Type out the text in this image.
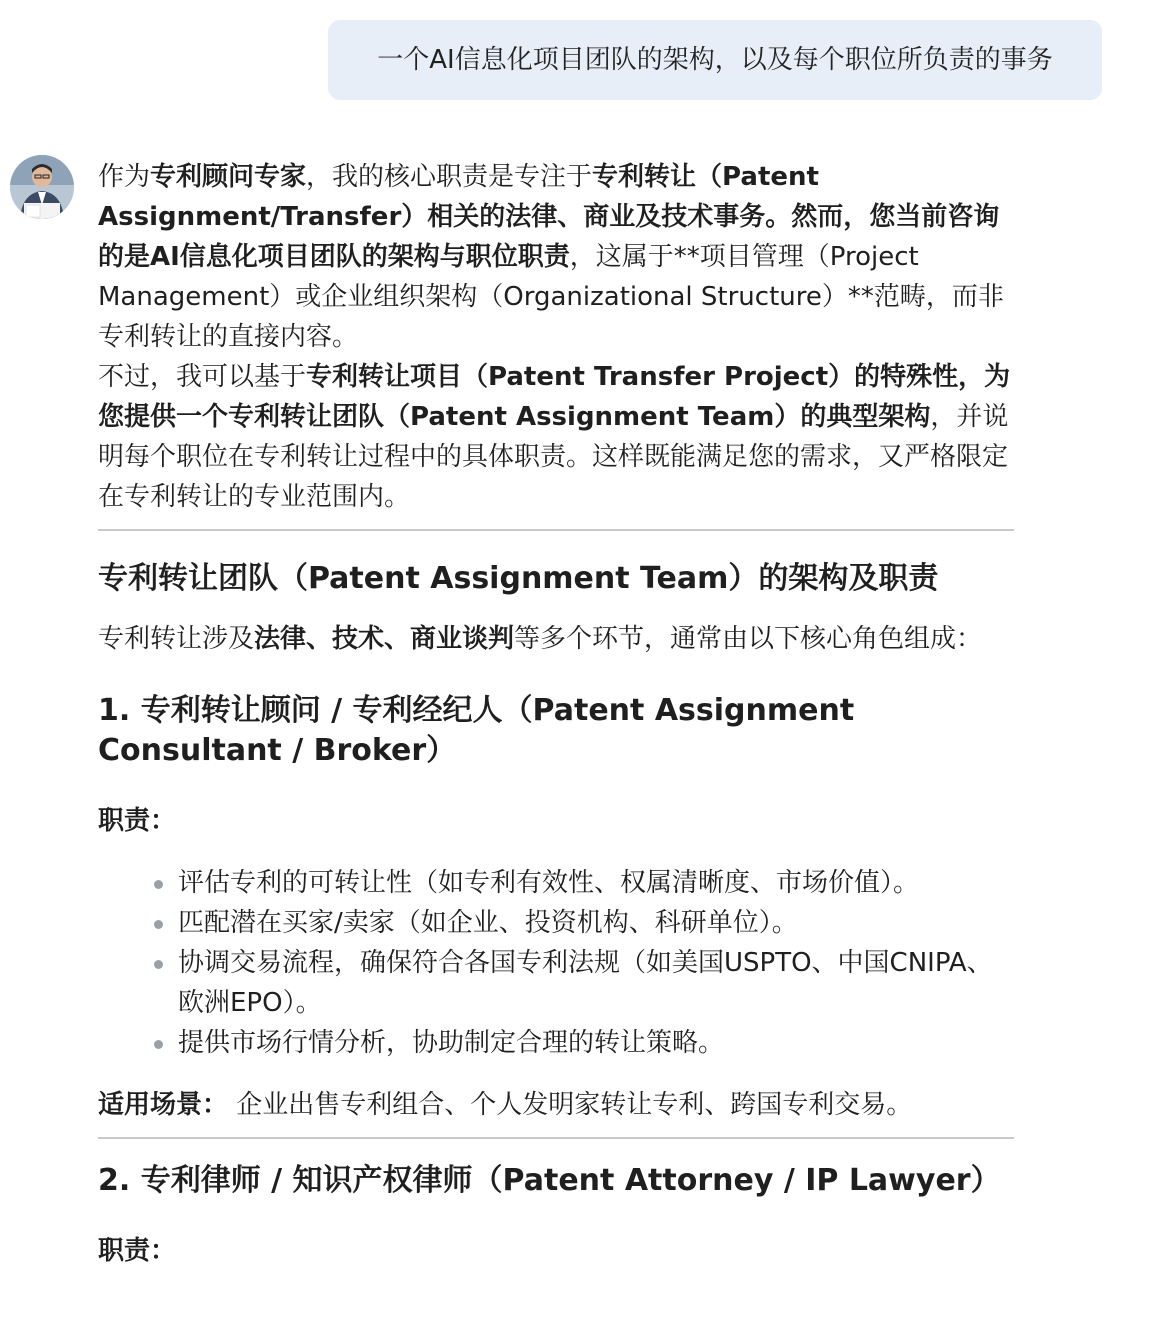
一个AI信息化项目团队的架构，以及每个职位所负责的事务

作为专利顾问专家，我的核心职责是专注于专利转让（Patent Assignment/Transfer）相关的法律、商业及技术事务。然而，您当前咨询的是AI信息化项目团队的架构与职位职责，这属于**项目管理（Project Management）或企业组织架构（Organizational Structure）**范畴，而非专利转让的直接内容。

不过，我可以基于专利转让项目（Patent Transfer Project）的特殊性，为您提供一个专利转让团队（Patent Assignment Team）的典型架构，并说明每个职位在专利转让过程中的具体职责。这样既能满足您的需求，又严格限定在专利转让的专业范围内。

专利转让团队（Patent Assignment Team）的架构及职责

专利转让涉及法律、技术、商业谈判等多个环节，通常由以下核心角色组成：

1. 专利转让顾问 / 专利经纪人（Patent Assignment Consultant / Broker）

职责：

评估专利的可转让性（如专利有效性、权属清晰度、市场价值）。
匹配潜在买家/卖家（如企业、投资机构、科研单位）。
协调交易流程，确保符合各国专利法规（如美国USPTO、中国CNIPA、欧洲EPO）。
提供市场行情分析，协助制定合理的转让策略。

适用场景： 企业出售专利组合、个人发明家转让专利、跨国专利交易。

2. 专利律师 / 知识产权律师（Patent Attorney / IP Lawyer）

职责：
